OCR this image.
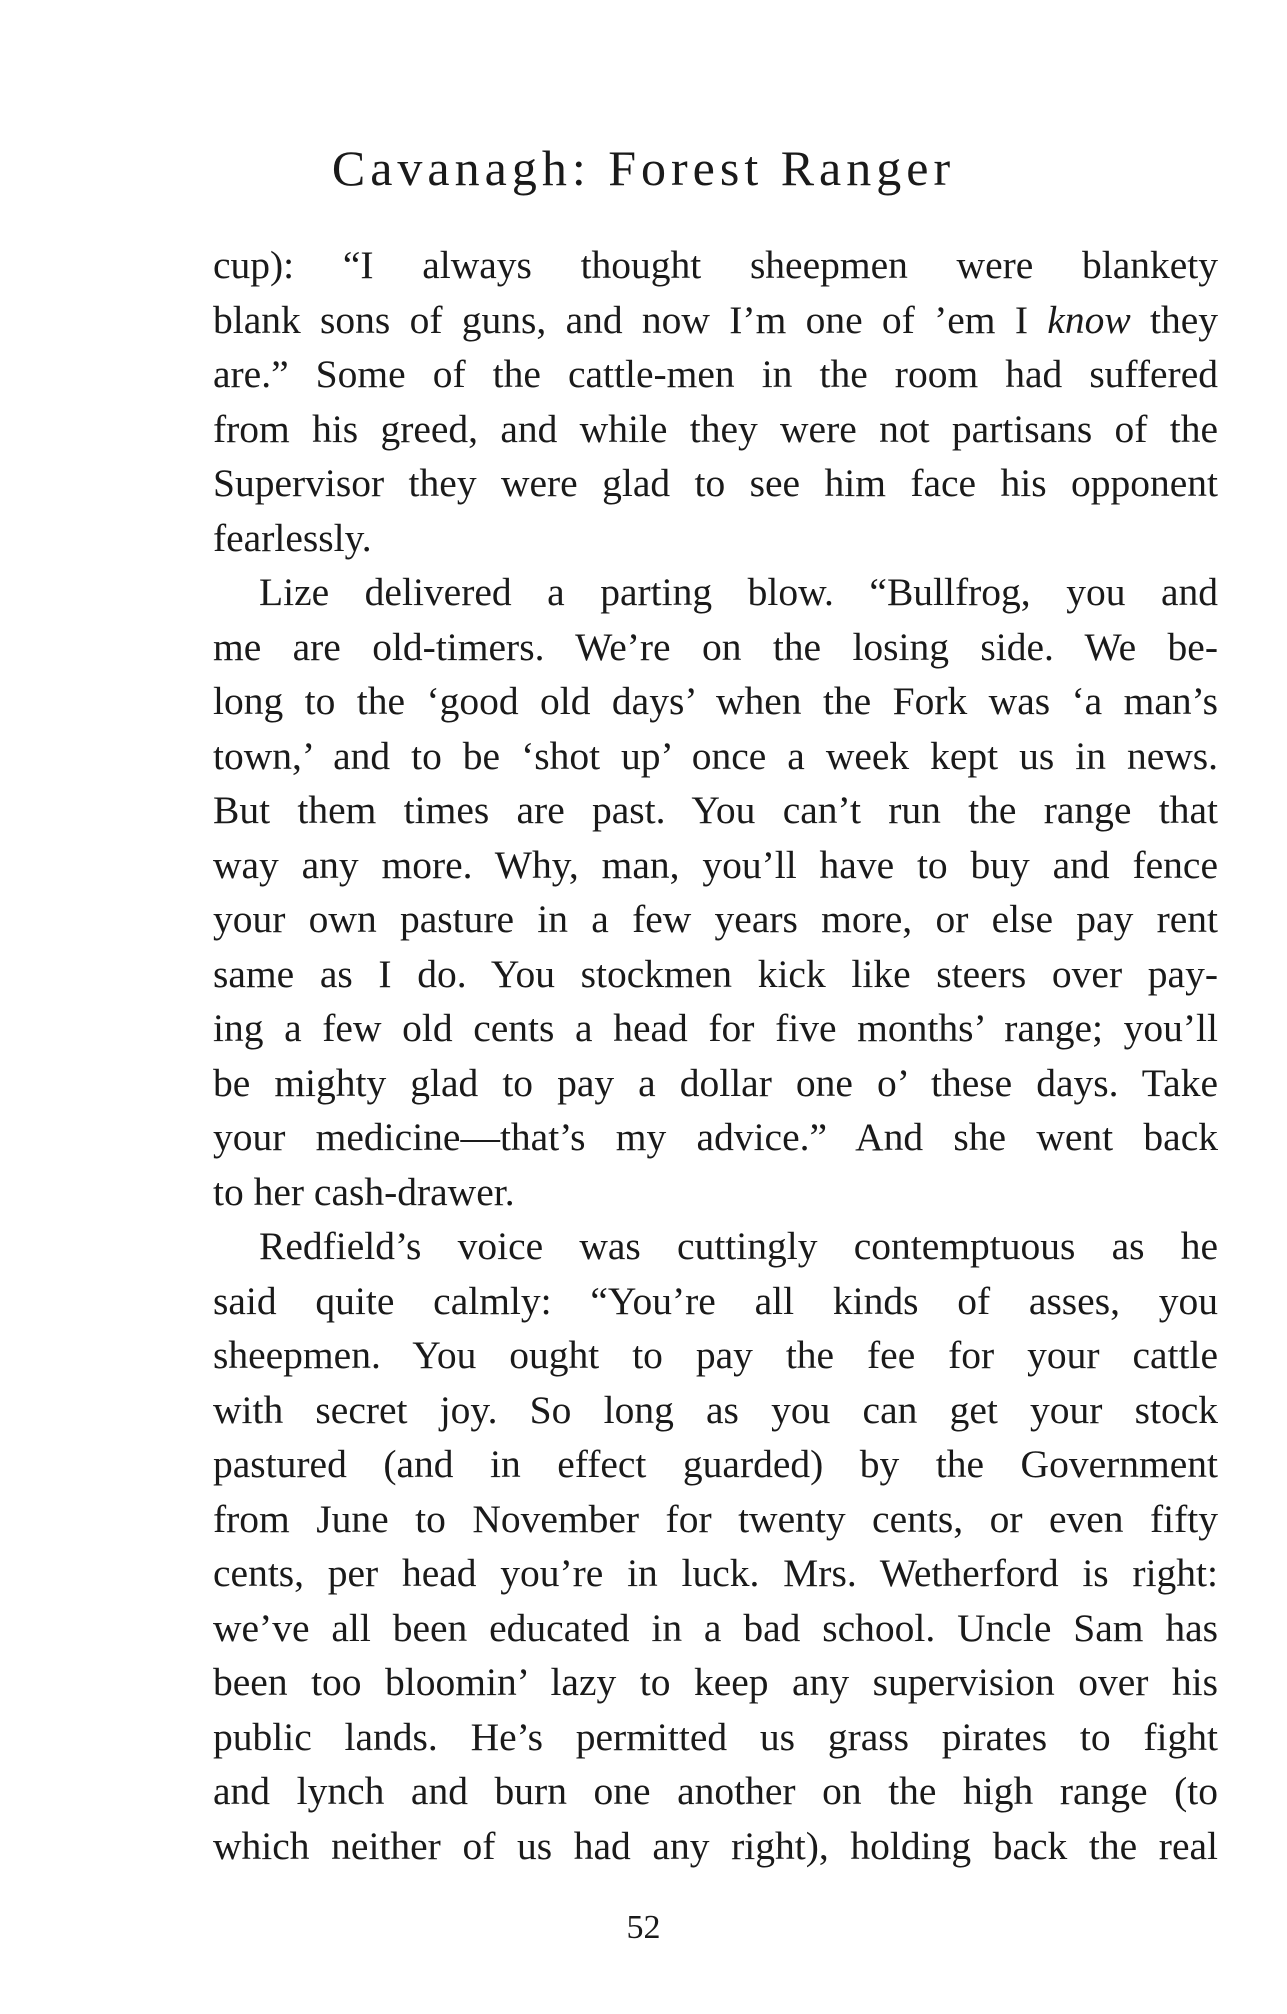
Cavanagh: Forest Ranger
cup): “I always thought sheepmen were blankety
blank sons of guns, and now I’m one of ’em I know they
are.” Some of the cattle-men in the room had suffered
from his greed, and while they were not partisans of the
Supervisor they were glad to see him face his opponent
fearlessly.
Lize delivered a parting blow. “Bullfrog, you and
me are old-timers. We’re on the losing side. We be-
long to the ‘good old days’ when the Fork was ‘a man’s
town,’ and to be ‘shot up’ once a week kept us in news.
But them times are past. You can’t run the range that
way any more. Why, man, you’ll have to buy and fence
your own pasture in a few years more, or else pay rent
same as I do. You stockmen kick like steers over pay-
ing a few old cents a head for five months’ range; you’ll
be mighty glad to pay a dollar one o’ these days. Take
your medicine—that’s my advice.” And she went back
to her cash-drawer.
Redfield’s voice was cuttingly contemptuous as he
said quite calmly: “You’re all kinds of asses, you
sheepmen. You ought to pay the fee for your cattle
with secret joy. So long as you can get your stock
pastured (and in effect guarded) by the Government
from June to November for twenty cents, or even fifty
cents, per head you’re in luck. Mrs. Wetherford is right:
we’ve all been educated in a bad school. Uncle Sam has
been too bloomin’ lazy to keep any supervision over his
public lands. He’s permitted us grass pirates to fight
and lynch and burn one another on the high range (to
which neither of us had any right), holding back the real
52
